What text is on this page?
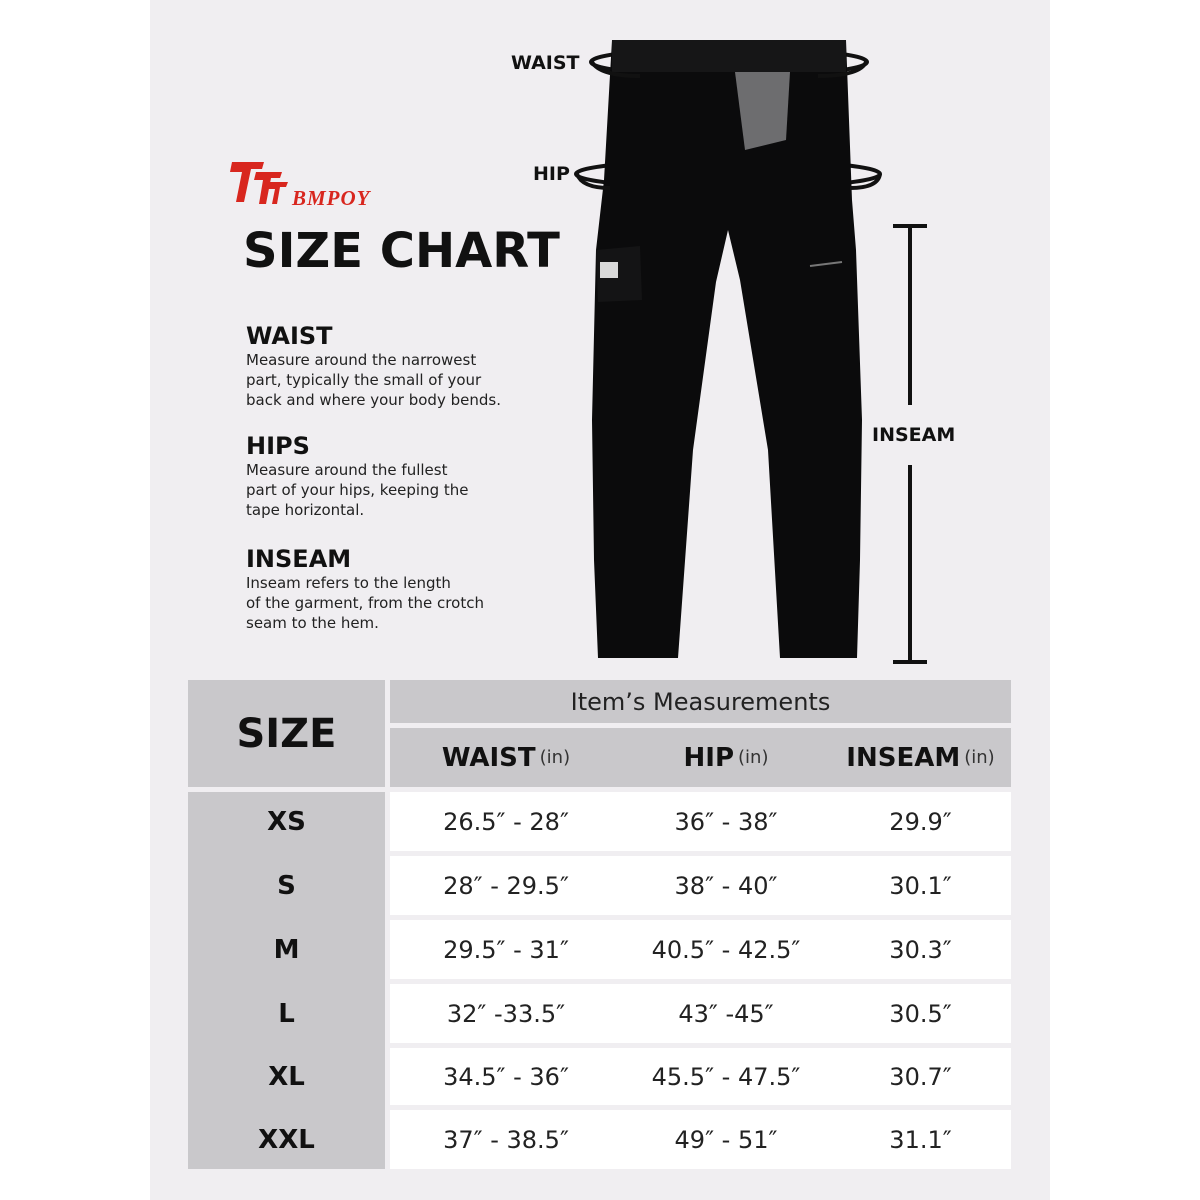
BMPOY
SIZE CHART
WAIST
Measure around the narrowest
part, typically the small of your
back and where your body bends.
HIPS
Measure around the fullest
part of your hips, keeping the
tape horizontal.
INSEAM
Inseam refers to the length
of the garment, from the crotch
seam to the hem.
WAIST
HIP
INSEAM
SIZE
Item’s Measurements
WAIST (in)	HIP (in)	INSEAM (in)
XS	26.5″ - 28″	36″ - 38″	29.9″
S	28″ - 29.5″	38″ - 40″	30.1″
M	29.5″ - 31″	40.5″ - 42.5″	30.3″
L	32″ -33.5″	43″ -45″	30.5″
XL	34.5″ - 36″	45.5″ - 47.5″	30.7″
XXL	37″ - 38.5″	49″ - 51″	31.1″
